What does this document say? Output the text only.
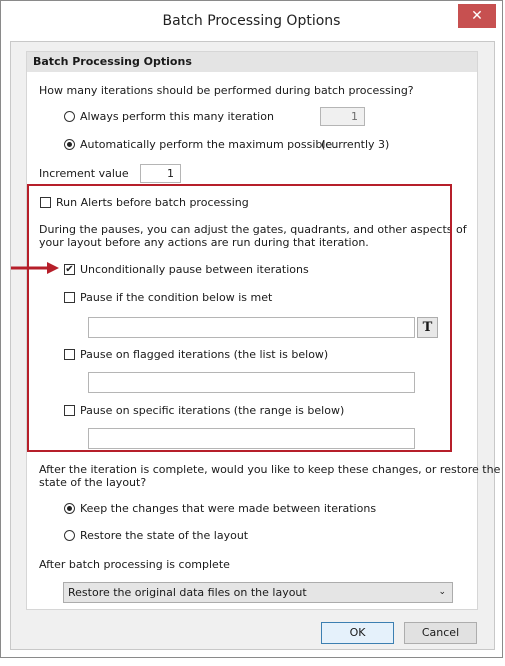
Batch Processing Options	✕
Batch Processing Options
How many iterations should be performed during batch processing?
Always perform this many iteration	1
Automatically perform the maximum possible
(currently 3)
Increment value	1
Run Alerts before batch processing
During the pauses, you can adjust the gates, quadrants, and other aspects of
your layout before any actions are run during that iteration.
✔ Unconditionally pause between iterations
Pause if the condition below is met
T
Pause on flagged iterations (the list is below)
Pause on specific iterations (the range is below)
After the iteration is complete, would you like to keep these changes, or restore the
state of the layout?
Keep the changes that were made between iterations
Restore the state of the layout
After batch processing is complete
Restore the original data files on the layout	⌄
OK	Cancel
